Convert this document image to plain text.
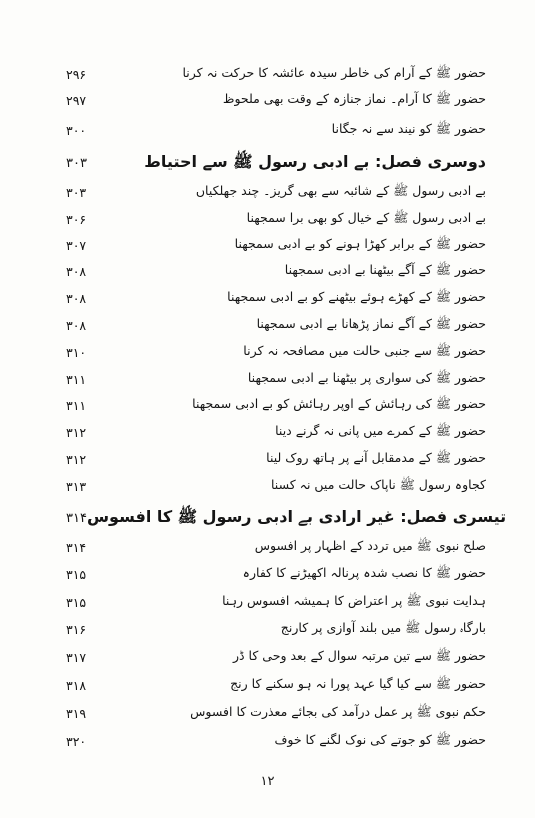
۲۹۶	حضور ﷺ کے آرام کی خاطر سیدہ عائشہ کا حرکت نہ کرنا
۲۹۷	حضور ﷺ کا آرام۔ نماز جنازہ کے وقت بھی ملحوظ
۳۰۰	حضور ﷺ کو نیند سے نہ جگانا
۳۰۳	دوسری فصل: بے ادبی رسول ﷺ سے احتیاط
۳۰۳	بے ادبی رسول ﷺ کے شائبہ سے بھی گریز۔ چند جھلکیاں
۳۰۶	بے ادبی رسول ﷺ کے خیال کو بھی برا سمجھنا
۳۰۷	حضور ﷺ کے برابر کھڑا ہونے کو بے ادبی سمجھنا
۳۰۸	حضور ﷺ کے آگے بیٹھنا بے ادبی سمجھنا
۳۰۸	حضور ﷺ کے کھڑے ہوئے بیٹھنے کو بے ادبی سمجھنا
۳۰۸	حضور ﷺ کے آگے نماز پڑھانا بے ادبی سمجھنا
۳۱۰	حضور ﷺ سے جنبی حالت میں مصافحہ نہ کرنا
۳۱۱	حضور ﷺ کی سواری پر بیٹھنا بے ادبی سمجھنا
۳۱۱	حضور ﷺ کی رہائش کے اوپر رہائش کو بے ادبی سمجھنا
۳۱۲	حضور ﷺ کے کمرے میں پانی نہ گرنے دینا
۳۱۲	حضور ﷺ کے مدمقابل آنے پر ہاتھ روک لینا
۳۱۳	کجاوہ رسول ﷺ ناپاک حالت میں نہ کسنا
۳۱۴ تیسری فصل: غیر ارادی بے ادبی رسول ﷺ کا افسوس
۳۱۴	صلح نبوی ﷺ میں تردد کے اظہار پر افسوس
۳۱۵	حضور ﷺ کا نصب شدہ پرنالہ اکھیڑنے کا کفارہ
۳۱۵	ہدایت نبوی ﷺ پر اعتراض کا ہمیشہ افسوس رہنا
۳۱۶	بارگاہ رسول ﷺ میں بلند آوازی پر کارنج
۳۱۷	حضور ﷺ سے تین مرتبہ سوال کے بعد وحی کا ڈر
۳۱۸	حضور ﷺ سے کیا گیا عہد پورا نہ ہو سکنے کا رنج
۳۱۹	حکم نبوی ﷺ پر عمل درآمد کی بجائے معذرت کا افسوس
۳۲۰	حضور ﷺ کو جوتے کی نوک لگنے کا خوف
۱۲
